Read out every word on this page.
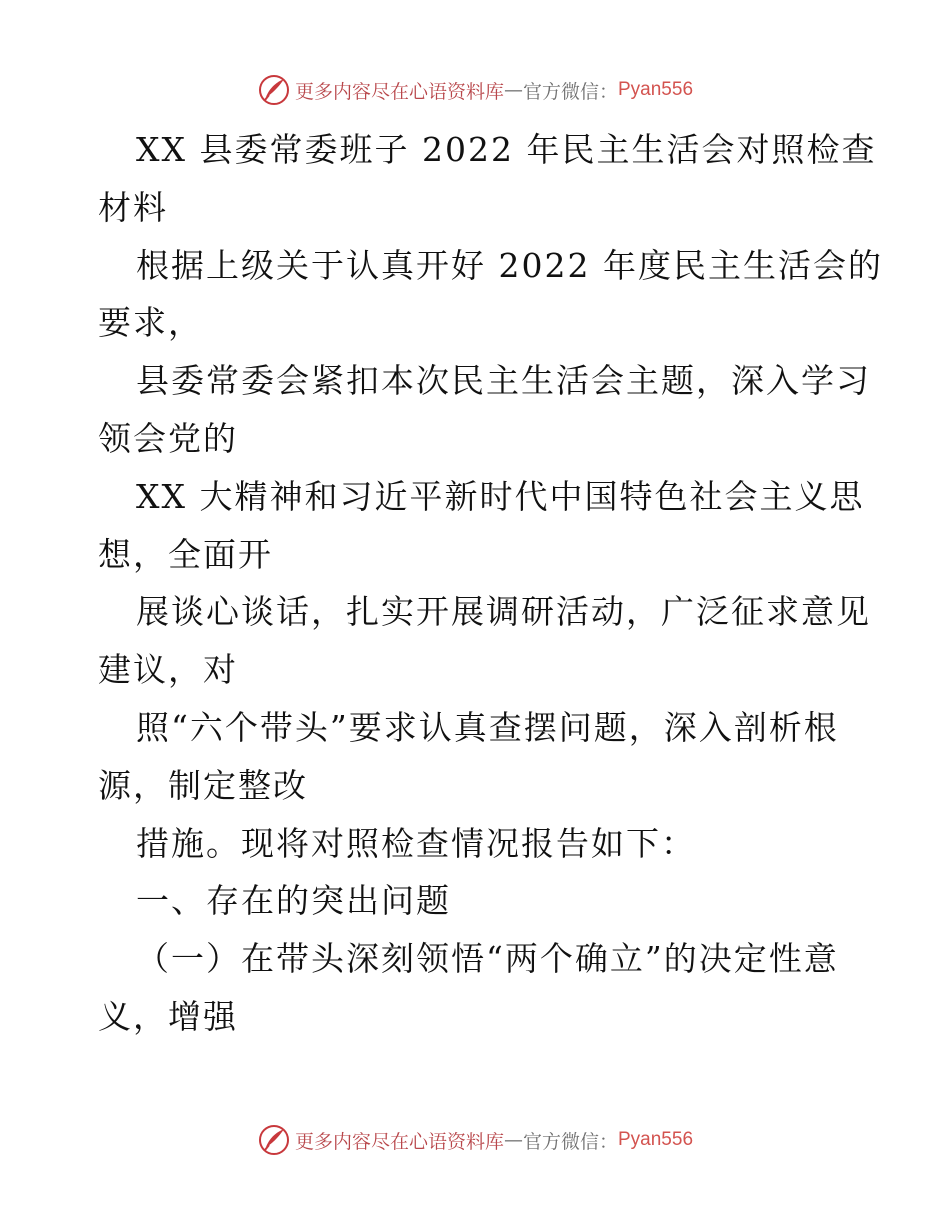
更多内容尽在心语资料库 — 官方微信： Pyan556
XX 县委常委班子 2022 年民主生活会对照检查
材料
根据上级关于认真开好 2022 年度民主生活会的
要求，
县委常委会紧扣本次民主生活会主题，深入学习
领会党的
XX 大精神和习近平新时代中国特色社会主义思
想，全面开
展谈心谈话，扎实开展调研活动，广泛征求意见
建议，对
照“六个带头”要求认真查摆问题，深入剖析根
源，制定整改
措施。现将对照检查情况报告如下：
一、存在的突出问题
（一）在带头深刻领悟“两个确立”的决定性意
义，增强
更多内容尽在心语资料库 — 官方微信： Pyan556
